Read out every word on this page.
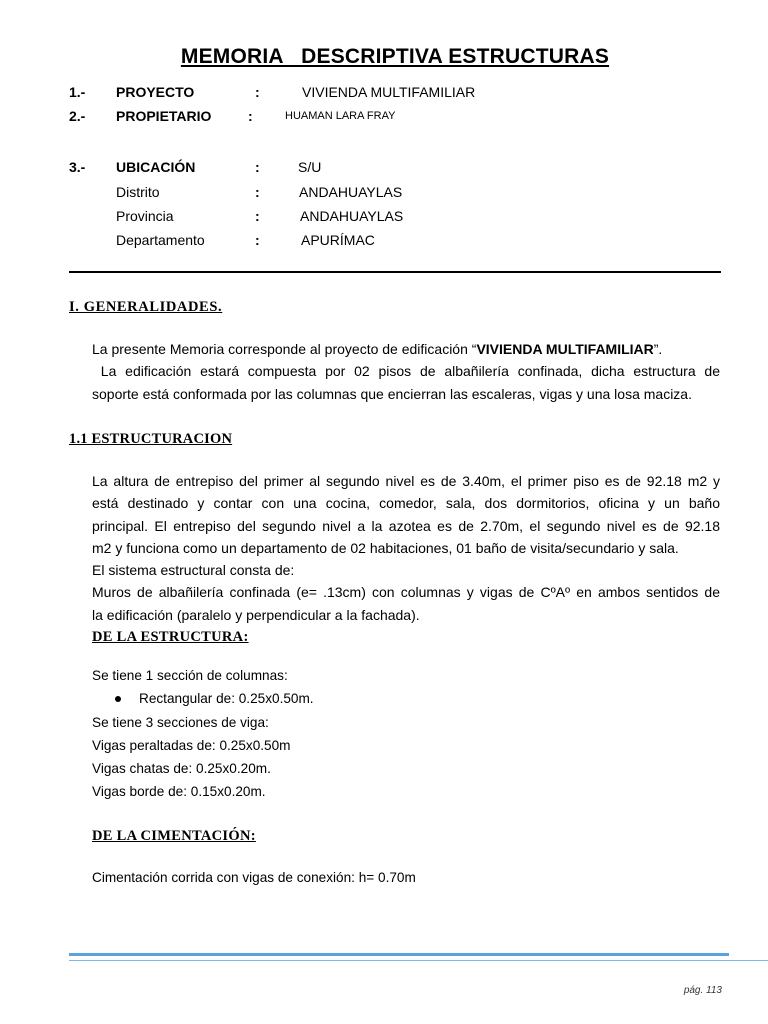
MEMORIA   DESCRIPTIVA ESTRUCTURAS
1.- PROYECTO	:	VIVIENDA MULTIFAMILIAR
2.- PROPIETARIO	:	HUAMAN LARA FRAY
3.- UBICACIÓN	:	S/U
Distrito	:	ANDAHUAYLAS
Provincia	:	ANDAHUAYLAS
Departamento	:	APURÍMAC
I. GENERALIDADES.
La presente Memoria corresponde al proyecto de edificación “VIVIENDA MULTIFAMILIAR”.
La edificación estará compuesta por 02 pisos de albañilería confinada, dicha estructura de
soporte está conformada por las columnas que encierran las escaleras, vigas y una losa maciza.
1.1 ESTRUCTURACION
La altura de entrepiso del primer al segundo nivel es de 3.40m, el primer piso es de 92.18 m2 y
está destinado y contar con una cocina, comedor, sala, dos dormitorios, oficina y un baño
principal. El entrepiso del segundo nivel a la azotea es de 2.70m, el segundo nivel es de 92.18
m2 y funciona como un departamento de 02 habitaciones, 01 baño de visita/secundario y sala.
El sistema estructural consta de:
Muros de albañilería confinada (e= .13cm) con columnas y vigas de CºAº en ambos sentidos de
la edificación (paralelo y perpendicular a la fachada).
DE LA ESTRUCTURA:
Se tiene 1 sección de columnas:
Rectangular de: 0.25x0.50m.
Se tiene 3 secciones de viga:
Vigas peraltadas de: 0.25x0.50m
Vigas chatas de: 0.25x0.20m.
Vigas borde de: 0.15x0.20m.
DE LA CIMENTACIÓN:
Cimentación corrida con vigas de conexión: h= 0.70m
pág. 113
